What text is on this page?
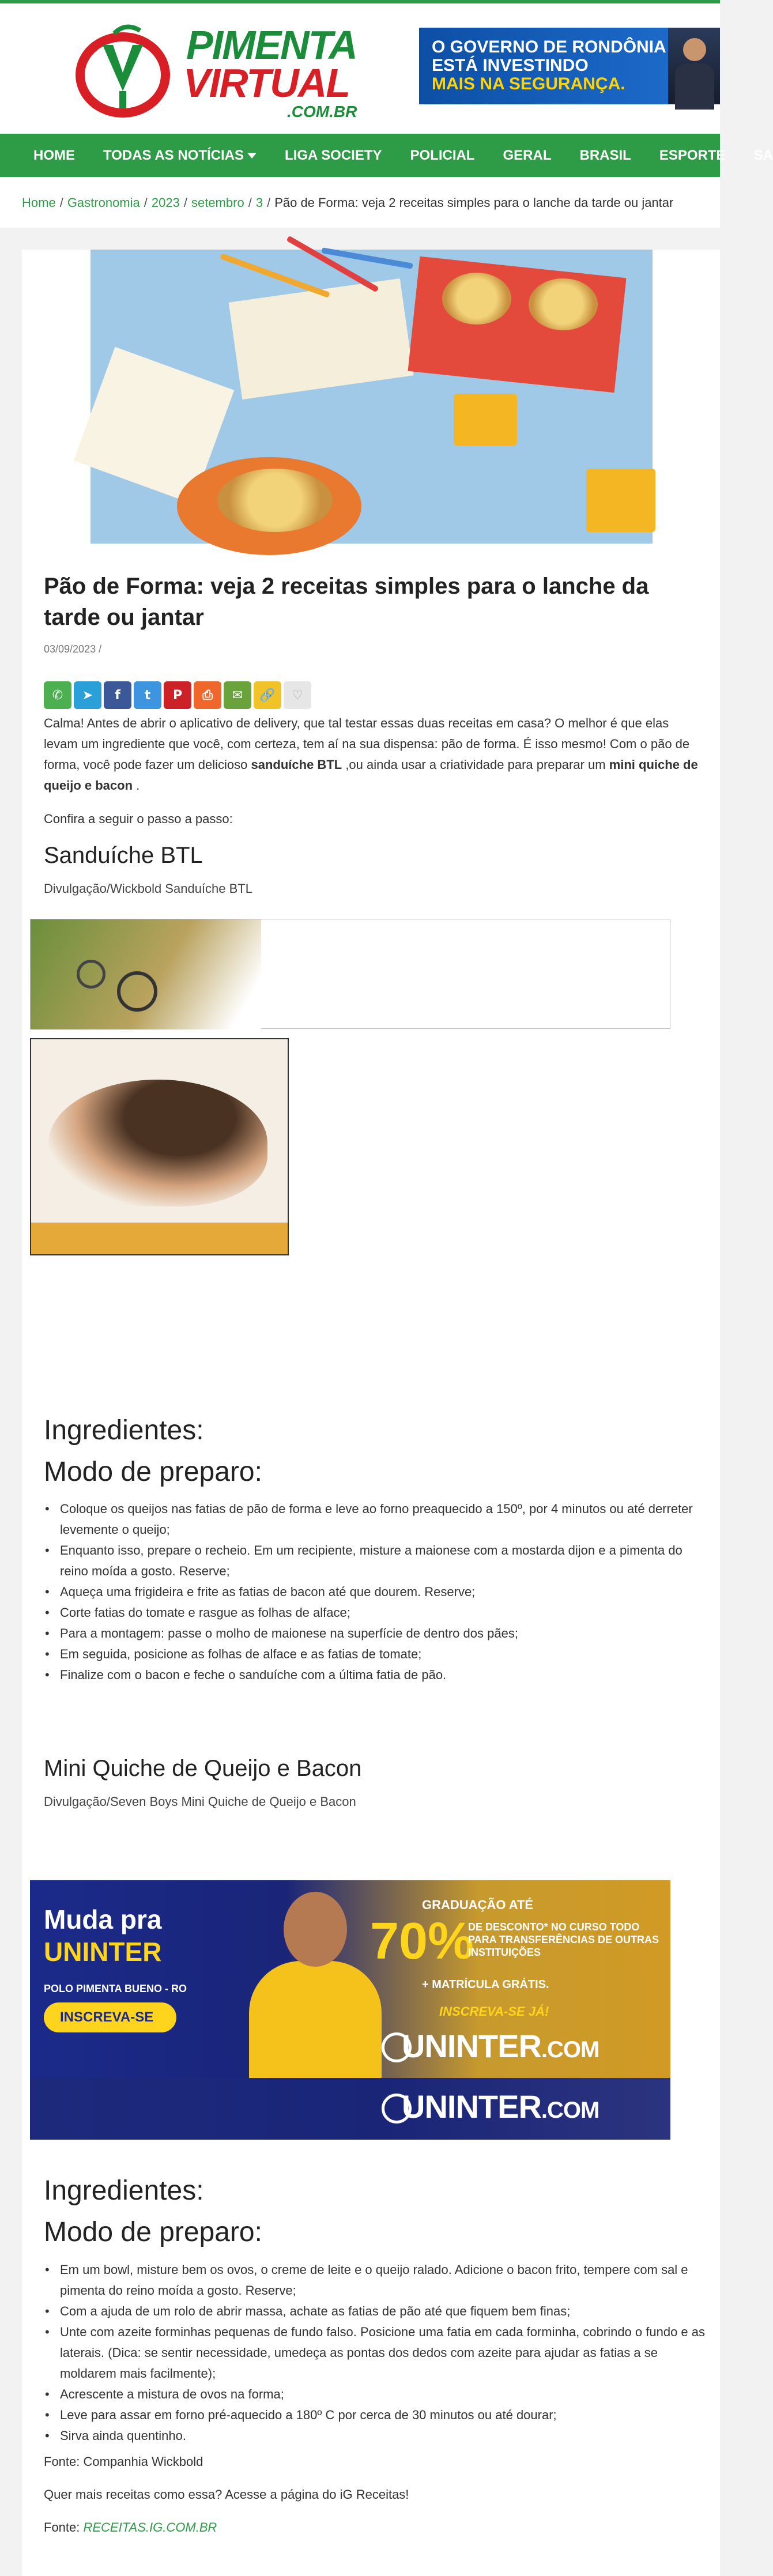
PIMENTA
VIRTUAL
.COM.BR
O GOVERNO DE RONDÔNIA
ESTÁ INVESTINDO
MAIS NA SEGURANÇA.
HOME TODAS AS NOTÍCIAS	LIGA SOCIETY POLICIAL GERAL BRASIL ESPORTE SA
Home / Gastronomia / 2023 / setembro / 3 / Pão de Forma: veja 2 receitas simples para o lanche da tarde ou jantar
Pão de Forma: veja 2 receitas simples para o lanche da tarde ou jantar
03/09/2023 /
✆	➤	f	t	P	⎙	✉	🔗	♡

Calma! Antes de abrir o aplicativo de delivery, que tal testar essas duas receitas em casa? O melhor é que elas levam um ingrediente que você, com certeza, tem aí na sua dispensa: pão de forma. É isso mesmo! Com o pão de forma, você pode fazer um delicioso sanduíche BTL ,ou ainda usar a criatividade para preparar um mini quiche de queijo e bacon .

Confira a seguir o passo a passo:

Sanduíche BTL
Divulgação/Wickbold Sanduíche BTL
Ingredientes:
Modo de preparo:
• Coloque os queijos nas fatias de pão de forma e leve ao forno preaquecido a 150º, por 4 minutos ou até derreter levemente o queijo;
• Enquanto isso, prepare o recheio. Em um recipiente, misture a maionese com a mostarda dijon e a pimenta do reino moída a gosto. Reserve;
• Aqueça uma frigideira e frite as fatias de bacon até que dourem. Reserve;
• Corte fatias do tomate e rasgue as folhas de alface;
• Para a montagem: passe o molho de maionese na superfície de dentro dos pães;
• Em seguida, posicione as folhas de alface e as fatias de tomate;
• Finalize com o bacon e feche o sanduíche com a última fatia de pão.
Mini Quiche de Queijo e Bacon
Divulgação/Seven Boys Mini Quiche de Queijo e Bacon
Ingredientes:
Modo de preparo:
• Em um bowl, misture bem os ovos, o creme de leite e o queijo ralado. Adicione o bacon frito, tempere com sal e pimenta do reino moída a gosto. Reserve;
• Com a ajuda de um rolo de abrir massa, achate as fatias de pão até que fiquem bem finas;
• Unte com azeite forminhas pequenas de fundo falso. Posicione uma fatia em cada forminha, cobrindo o fundo e as laterais. (Dica: se sentir necessidade, umedeça as pontas dos dedos com azeite para ajudar as fatias a se moldarem mais facilmente);
• Acrescente a mistura de ovos na forma;
• Leve para assar em forno pré-aquecido a 180º C por cerca de 30 minutos ou até dourar;
• Sirva ainda quentinho.

Fonte: Companhia Wickbold

Quer mais receitas como essa? Acesse a página do iG Receitas!

Fonte: RECEITAS.IG.COM.BR

Muda pra
UNINTER
POLO PIMENTA BUENO - RO
INSCREVA-SE
GRADUAÇÃO ATÉ
70%
DE DESCONTO* NO CURSO TODO PARA TRANSFERÊNCIAS DE OUTRAS INSTITUIÇÕES
+ MATRÍCULA GRÁTIS.
INSCREVA-SE JÁ!
UNINTER.COM
UNINTER.COM
